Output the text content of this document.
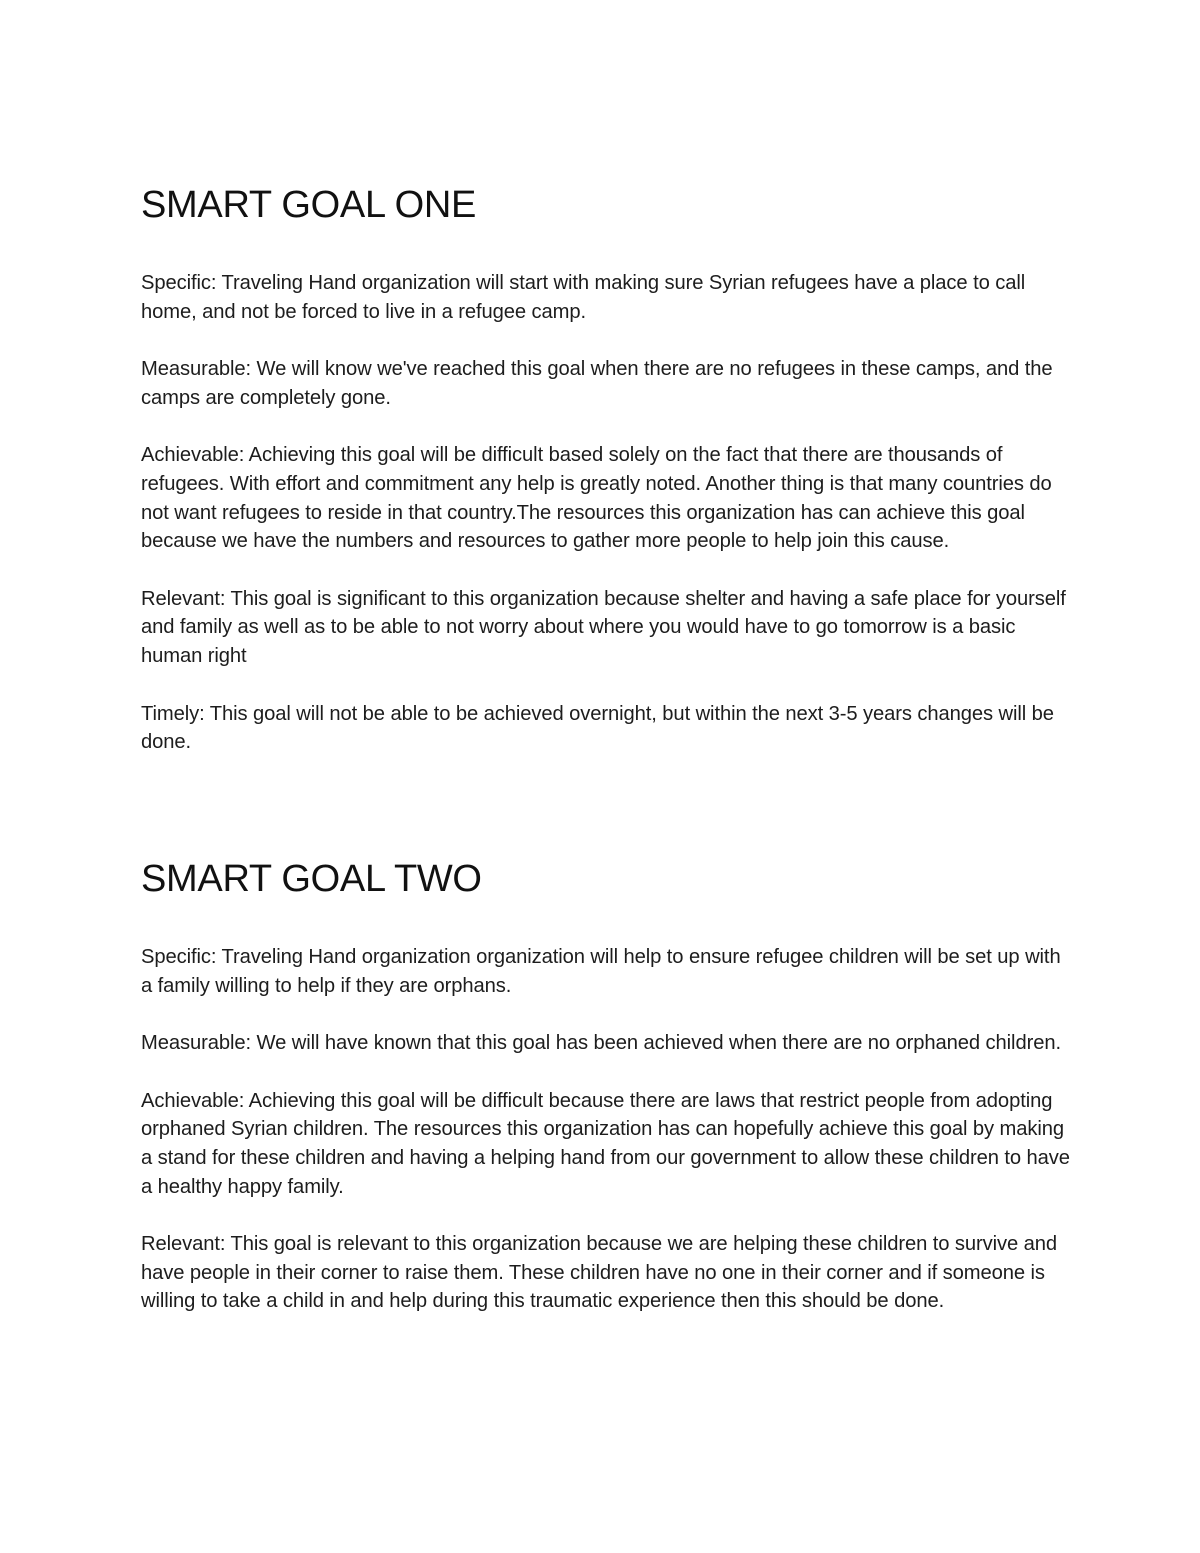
SMART GOAL ONE

Specific: Traveling Hand organization will start with making sure Syrian refugees have a place to call home, and not be forced to live in a refugee camp.

Measurable: We will know we've reached this goal when there are no refugees in these camps, and the camps are completely gone.

Achievable: Achieving this goal will be difficult based solely on the fact that there are thousands of refugees. With effort and commitment any help is greatly noted. Another thing is that many countries do not want refugees to reside in that country.The resources this organization has can achieve this goal because we have the numbers and resources to gather more people to help join this cause.

Relevant: This goal is significant to this organization because shelter and having a safe place for yourself and family as well as to be able to not worry about where you would have to go tomorrow is a basic human right

Timely: This goal will not be able to be achieved overnight, but within the next 3-5 years changes will be done.

SMART GOAL TWO

Specific: Traveling Hand organization organization will help to ensure refugee children will be set up with a family willing to help if they are orphans.

Measurable: We will have known that this goal has been achieved when there are no orphaned children.

Achievable: Achieving this goal will be difficult because there are laws that restrict people from adopting orphaned Syrian children. The resources this organization has can hopefully achieve this goal by making a stand for these children and having a helping hand from our government to allow these children to have a healthy happy family.

Relevant: This goal is relevant to this organization because we are helping these children to survive and have people in their corner to raise them. These children have no one in their corner and if someone is willing to take a child in and help during this traumatic experience then this should be done.
